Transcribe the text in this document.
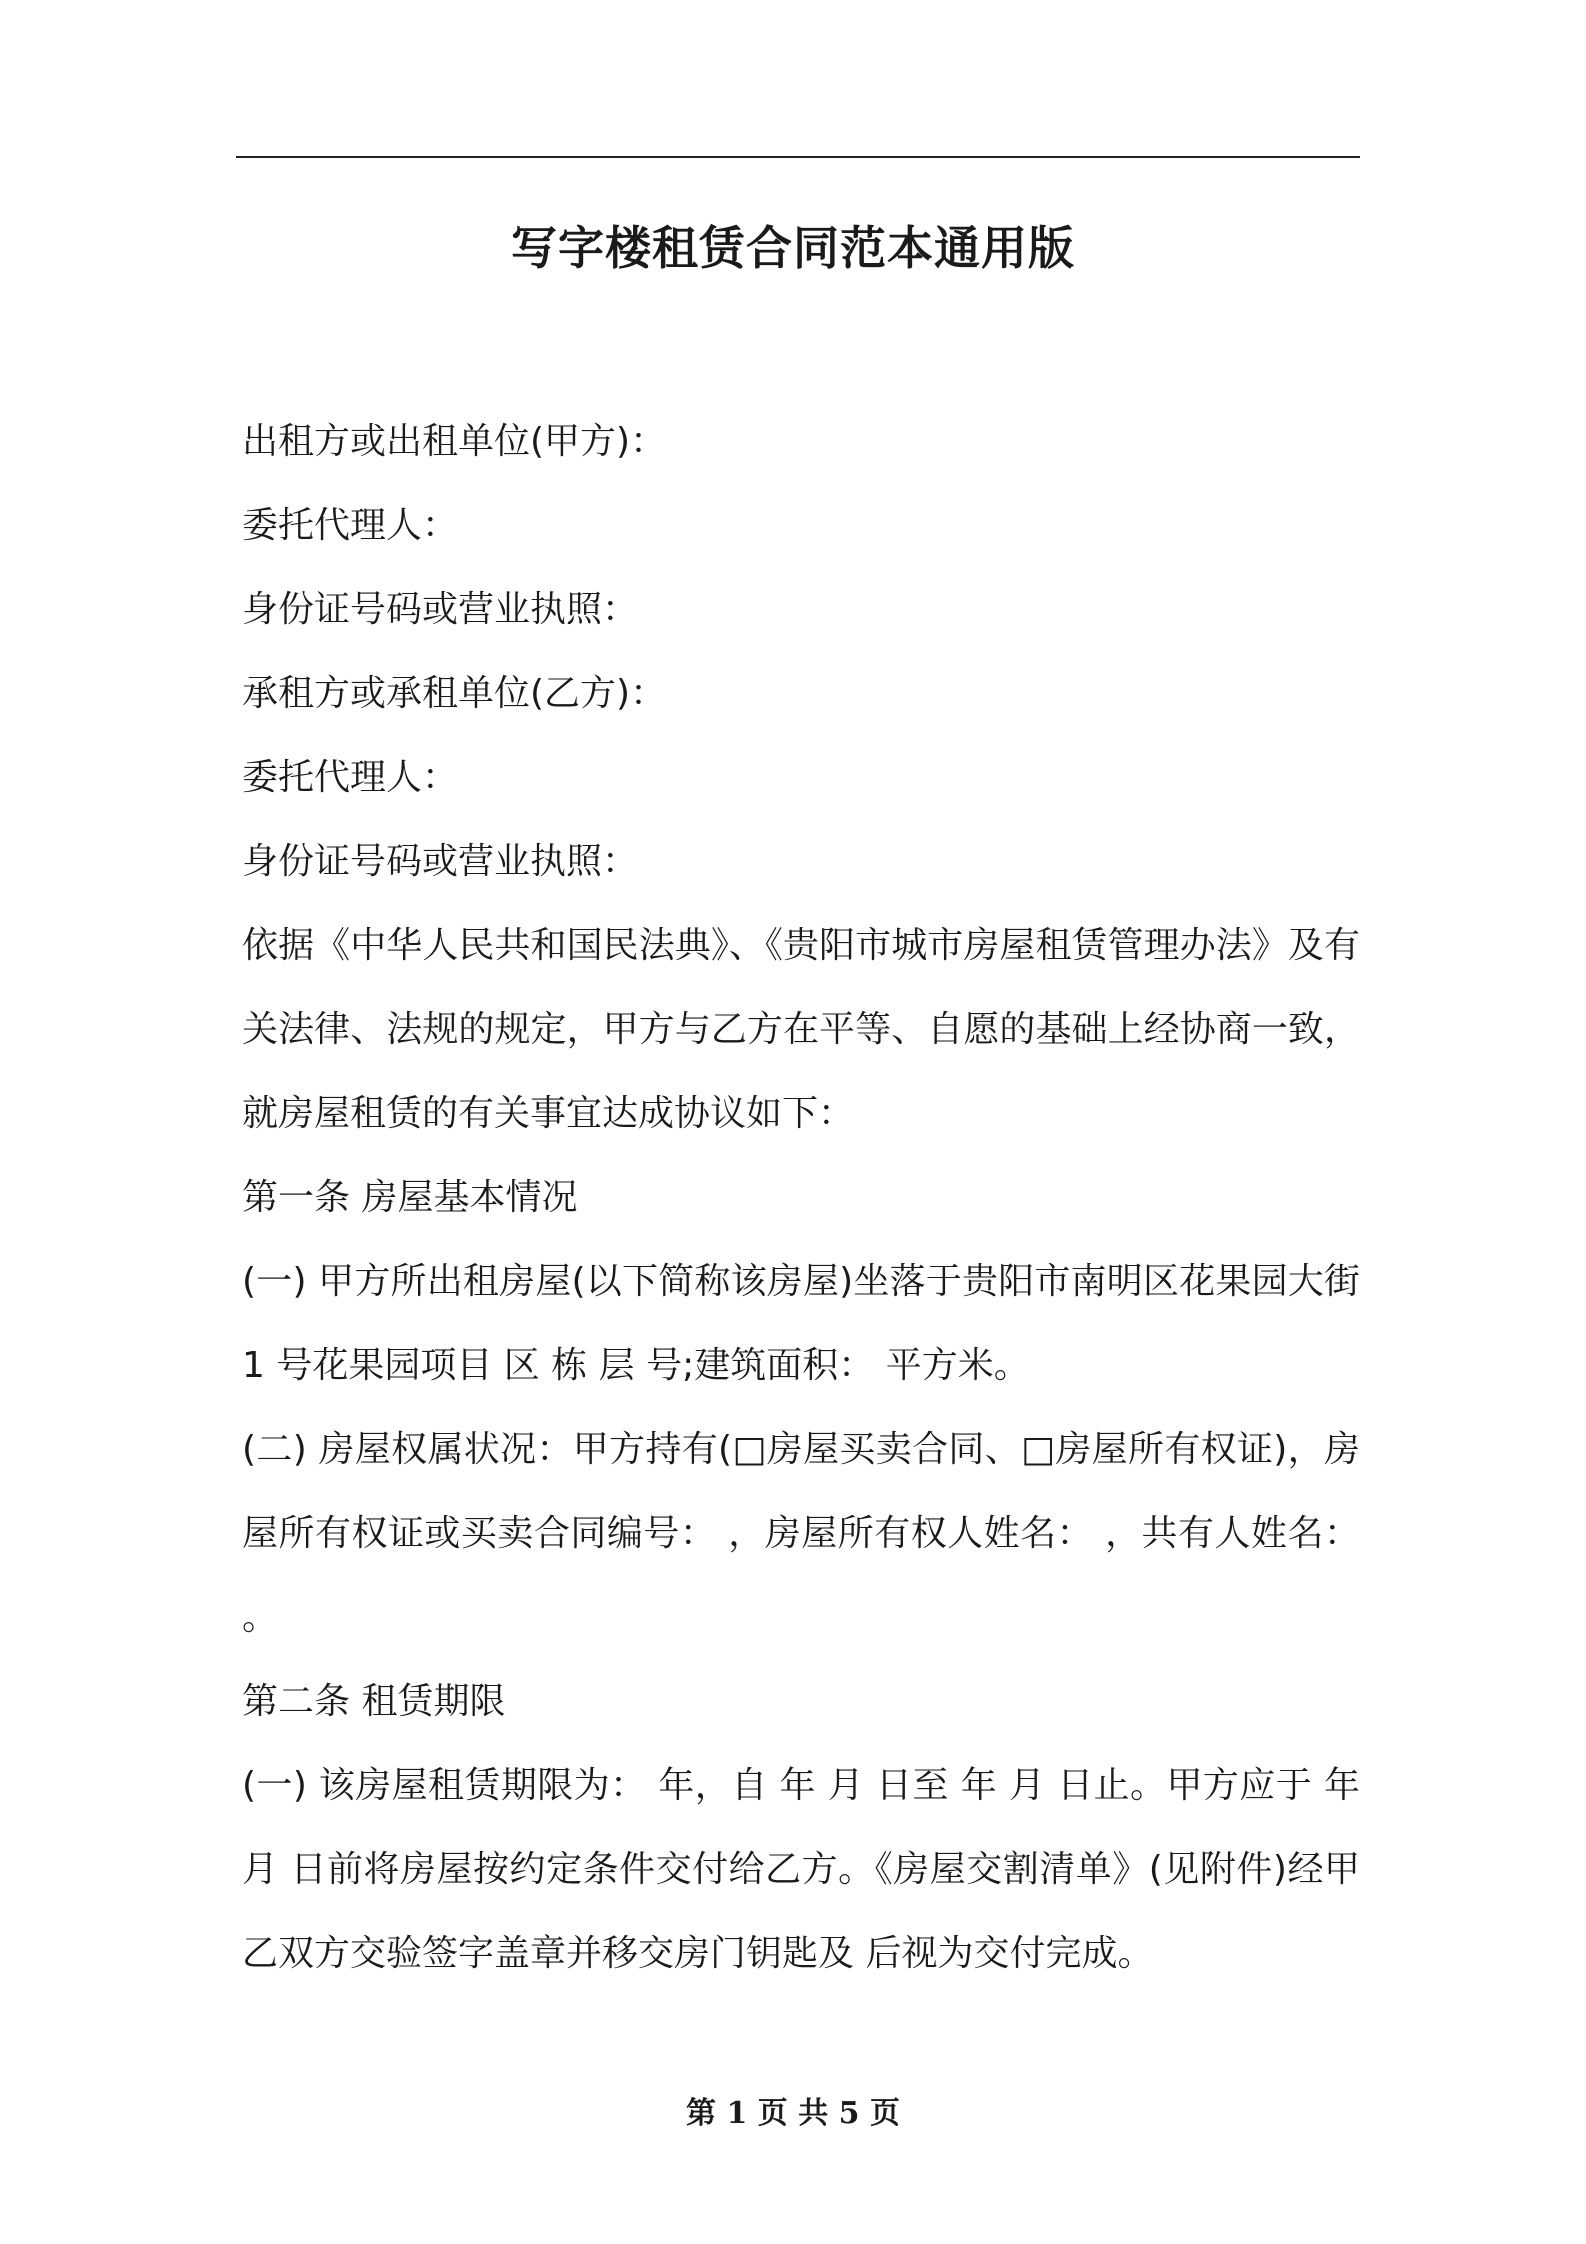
写字楼租赁合同范本通用版

出租方或出租单位(甲方)：

委托代理人：

身份证号码或营业执照：

承租方或承租单位(乙方)：

委托代理人：

身份证号码或营业执照：

依据《中华人民共和国民法典》、《贵阳市城市房屋租赁管理办法》及有关法律、法规的规定，甲方与乙方在平等、自愿的基础上经协商一致，就房屋租赁的有关事宜达成协议如下：

第一条 房屋基本情况

(一) 甲方所出租房屋(以下简称该房屋)坐落于贵阳市南明区花果园大街 1 号花果园项目 区 栋 层 号;建筑面积： 平方米。

(二) 房屋权属状况：甲方持有(□房屋买卖合同、□房屋所有权证)，房屋所有权证或买卖合同编号： ，房屋所有权人姓名： ，共有人姓名： 。

第二条 租赁期限

(一) 该房屋租赁期限为： 年，自 年 月 日至 年 月 日止。甲方应于 年 月 日前将房屋按约定条件交付给乙方。《房屋交割清单》(见附件)经甲乙双方交验签字盖章并移交房门钥匙及 后视为交付完成。

第 1 页 共 5 页
